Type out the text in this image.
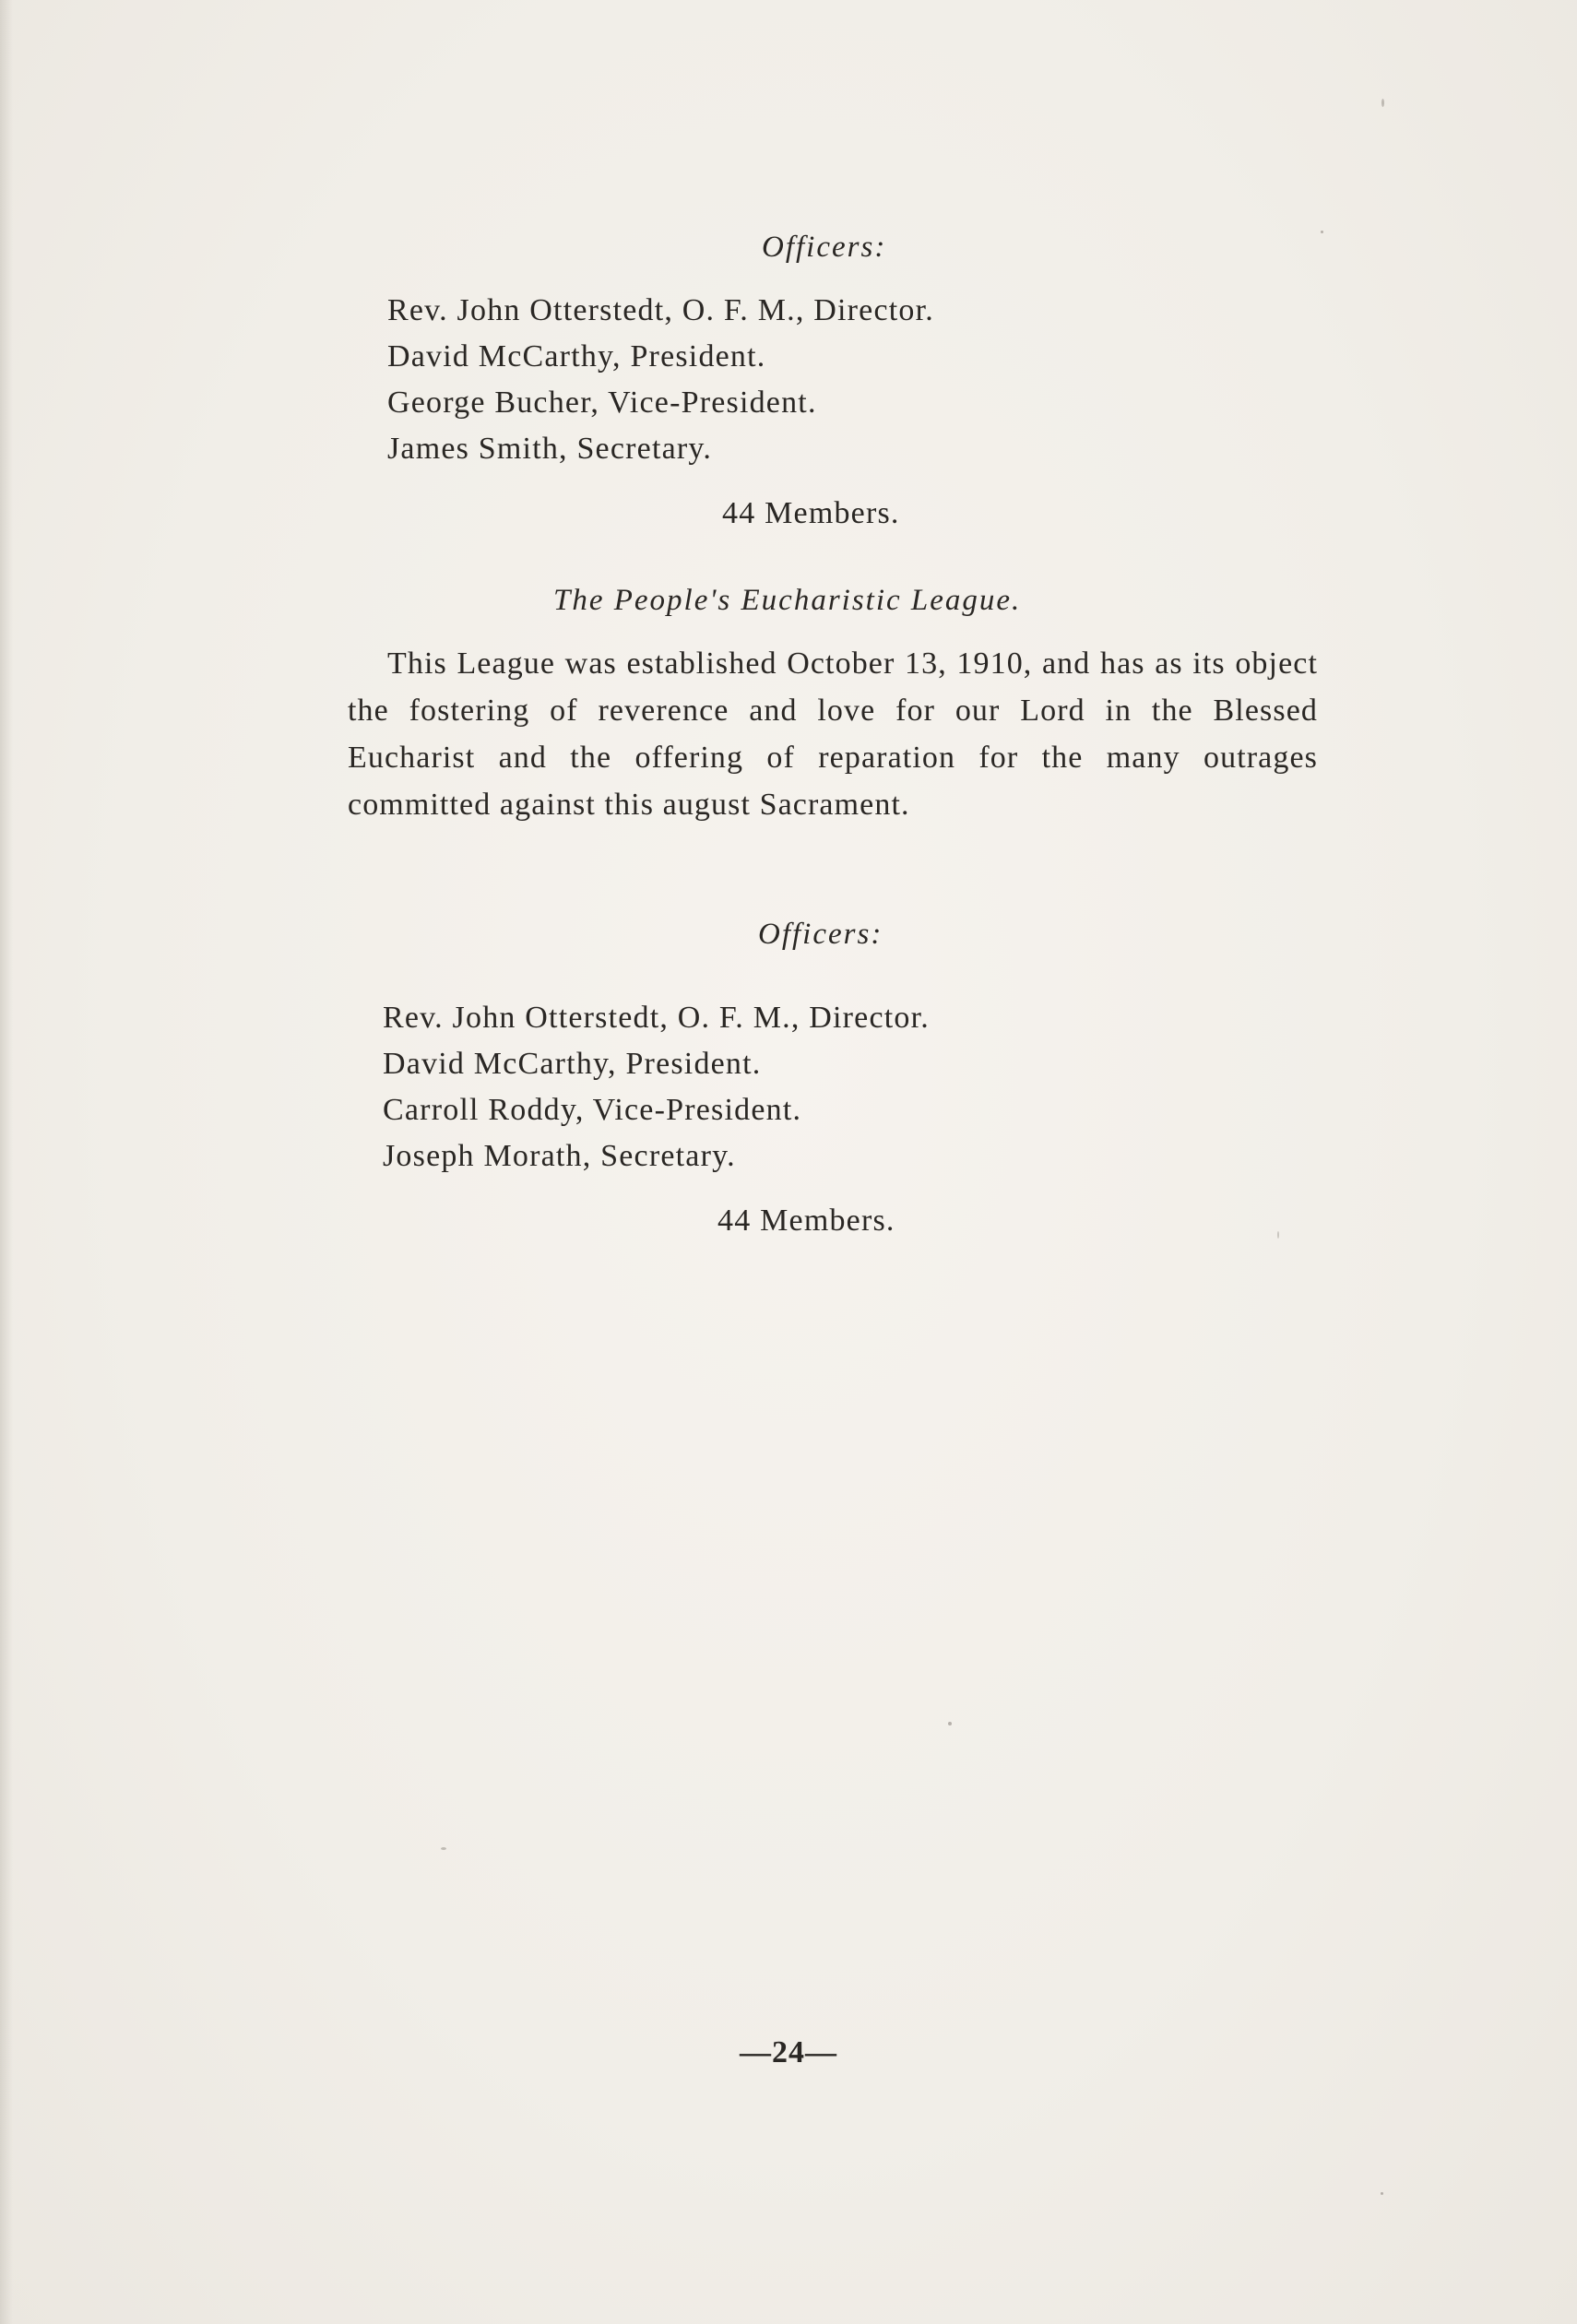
Officers:
Rev. John Otterstedt, O. F. M., Director.
David McCarthy, President.
George Bucher, Vice-President.
James Smith, Secretary.
44 Members.
The People's Eucharistic League.

This League was established October 13, 1910, and has as its object the fostering of reverence and love for our Lord in the Blessed Eucharist and the offering of reparation for the many outrages committed against this august Sacrament.

Officers:
Rev. John Otterstedt, O. F. M., Director.
David McCarthy, President.
Carroll Roddy, Vice-President.
Joseph Morath, Secretary.
44 Members.
—24—
